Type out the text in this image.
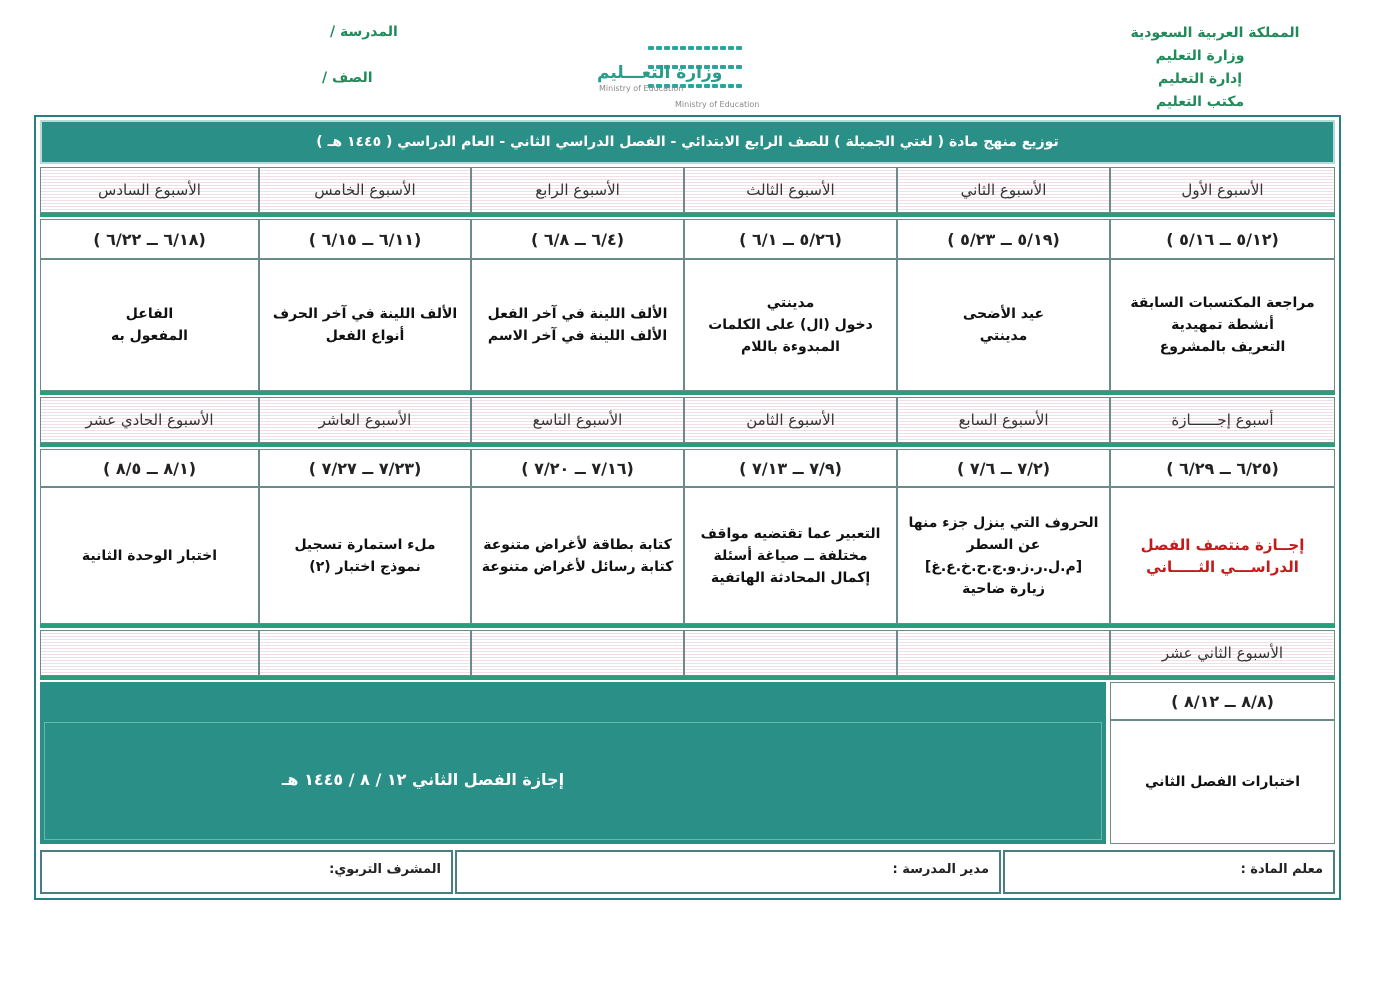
المملكة العربية السعودية
وزارة التعليم
إدارة التعليم
مكتب التعليم
المدرسة /
الصف /	وزارة التعـــليم
Ministry of Education
Ministry of Education
توزيع منهج مادة ( لغتي الجميلة ) للصف الرابع الابتدائي - الفصل الدراسي الثاني - العام الدراسي ( ١٤٤٥ هـ )
الأسبوع الأول
الأسبوع الثاني
الأسبوع الثالث
الأسبوع الرابع
الأسبوع الخامس
الأسبوع السادس
(٥/١٢ ــ ٥/١٦ )
(٥/١٩ ــ ٥/٢٣ )
(٥/٢٦ ــ ٦/١ )
(٦/٤ ــ ٦/٨ )
(٦/١١ ــ ٦/١٥ )
(٦/١٨ ــ ٦/٢٢ )
مراجعة المكتسبات السابقة
أنشطة تمهيدية
التعريف بالمشروع
عيد الأضحى
مدينتي
مدينتي
دخول (ال) على الكلمات
المبدوءة باللام
الألف اللينة في آخر الفعل
الألف اللينة في آخر الاسم
الألف اللينة في آخر الحرف
أنواع الفعل
الفاعل
المفعول به
أسبوع إجــــــازة
الأسبوع السابع
الأسبوع الثامن
الأسبوع التاسع
الأسبوع العاشر
الأسبوع الحادي عشر
(٦/٢٥ ــ ٦/٢٩ )
(٧/٢ ــ ٧/٦ )
(٧/٩ ــ ٧/١٣ )
(٧/١٦ ــ ٧/٢٠ )
(٧/٢٣ ــ ٧/٢٧ )
(٨/١ ــ ٨/٥ )
إجــازة منتصف الفصل
الدراســـي الثـــــاني
الحروف التي ينزل جزء منها
عن السطر
[م.ل.ر.ز.و.ج.ح.خ.ع.غ]
زيارة ضاحية
التعبير عما تقتضيه مواقف
مختلفة ــ صياغة أسئلة
إكمال المحادثة الهاتفية
كتابة بطاقة لأغراض متنوعة
كتابة رسائل لأغراض متنوعة
ملء استمارة تسجيل
نموذج اختبار (٢)
اختبار الوحدة الثانية
الأسبوع الثاني عشر
(٨/٨ ــ ٨/١٢ )
اختبارات الفصل الثاني
إجازة الفصل الثاني ١٢ / ٨ / ١٤٤٥ هـ
معلم المادة :
مدير المدرسة :
المشرف التربوي:
